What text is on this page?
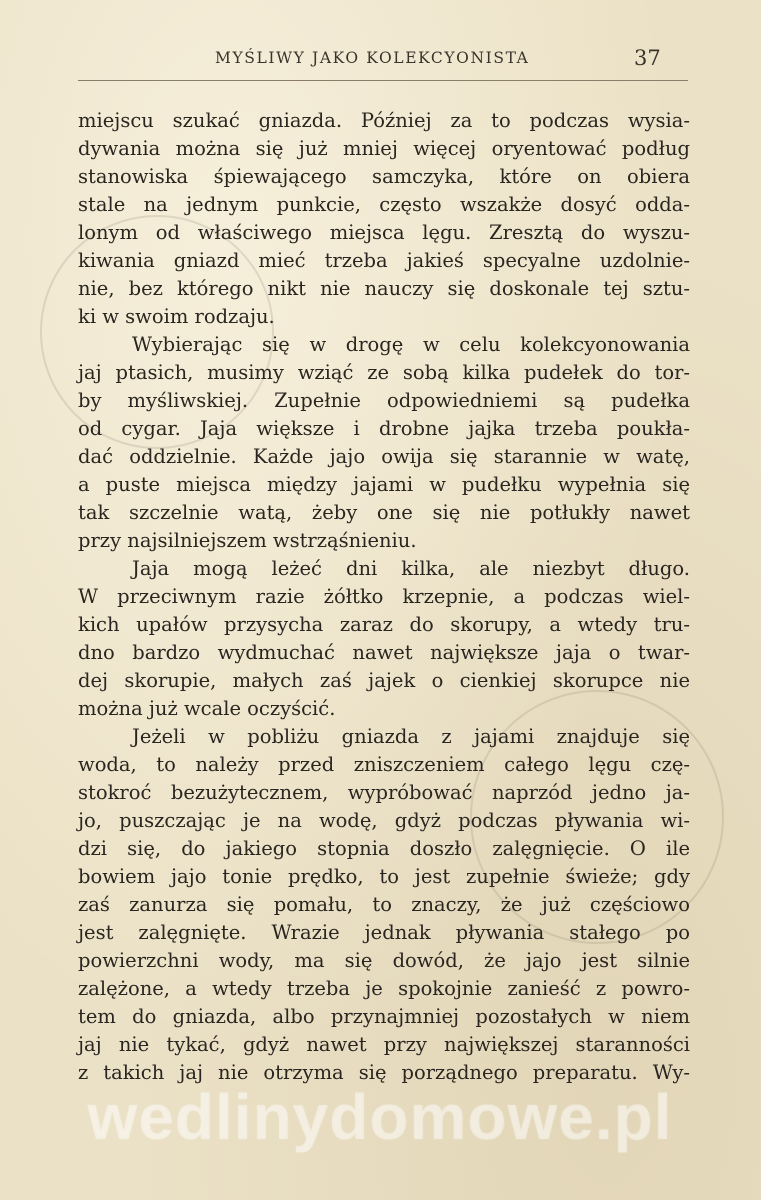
MYŚLIWY JAKO KOLEKCYONISTA	37
miejscu szukać gniazda. Później za to podczas wysia-
dywania można się już mniej więcej oryentować podług
stanowiska śpiewającego samczyka, które on obiera
stale na jednym punkcie, często wszakże dosyć odda-
lonym od właściwego miejsca lęgu. Zresztą do wyszu-
kiwania gniazd mieć trzeba jakieś specyalne uzdolnie-
nie, bez którego nikt nie nauczy się doskonale tej sztu-
ki w swoim rodzaju.
Wybierając się w drogę w celu kolekcyonowania
jaj ptasich, musimy wziąć ze sobą kilka pudełek do tor-
by myśliwskiej. Zupełnie odpowiedniemi są pudełka
od cygar. Jaja większe i drobne jajka trzeba poukła-
dać oddzielnie. Każde jajo owija się starannie w watę,
a puste miejsca między jajami w pudełku wypełnia się
tak szczelnie watą, żeby one się nie potłukły nawet
przy najsilniejszem wstrząśnieniu.
Jaja mogą leżeć dni kilka, ale niezbyt długo.
W przeciwnym razie żółtko krzepnie, a podczas wiel-
kich upałów przysycha zaraz do skorupy, a wtedy tru-
dno bardzo wydmuchać nawet największe jaja o twar-
dej skorupie, małych zaś jajek o cienkiej skorupce nie
można już wcale oczyścić.
Jeżeli w pobliżu gniazda z jajami znajduje się
woda, to należy przed zniszczeniem całego lęgu czę-
stokroć bezużytecznem, wypróbować naprzód jedno ja-
jo, puszczając je na wodę, gdyż podczas pływania wi-
dzi się, do jakiego stopnia doszło zalęgnięcie. O ile
bowiem jajo tonie prędko, to jest zupełnie świeże; gdy
zaś zanurza się pomału, to znaczy, że już częściowo
jest zalęgnięte. Wrazie jednak pływania stałego po
powierzchni wody, ma się dowód, że jajo jest silnie
zalężone, a wtedy trzeba je spokojnie zanieść z powro-
tem do gniazda, albo przynajmniej pozostałych w niem
jaj nie tykać, gdyż nawet przy największej staranności
z takich jaj nie otrzyma się porządnego preparatu. Wy-
wedlinydomowe.pl
